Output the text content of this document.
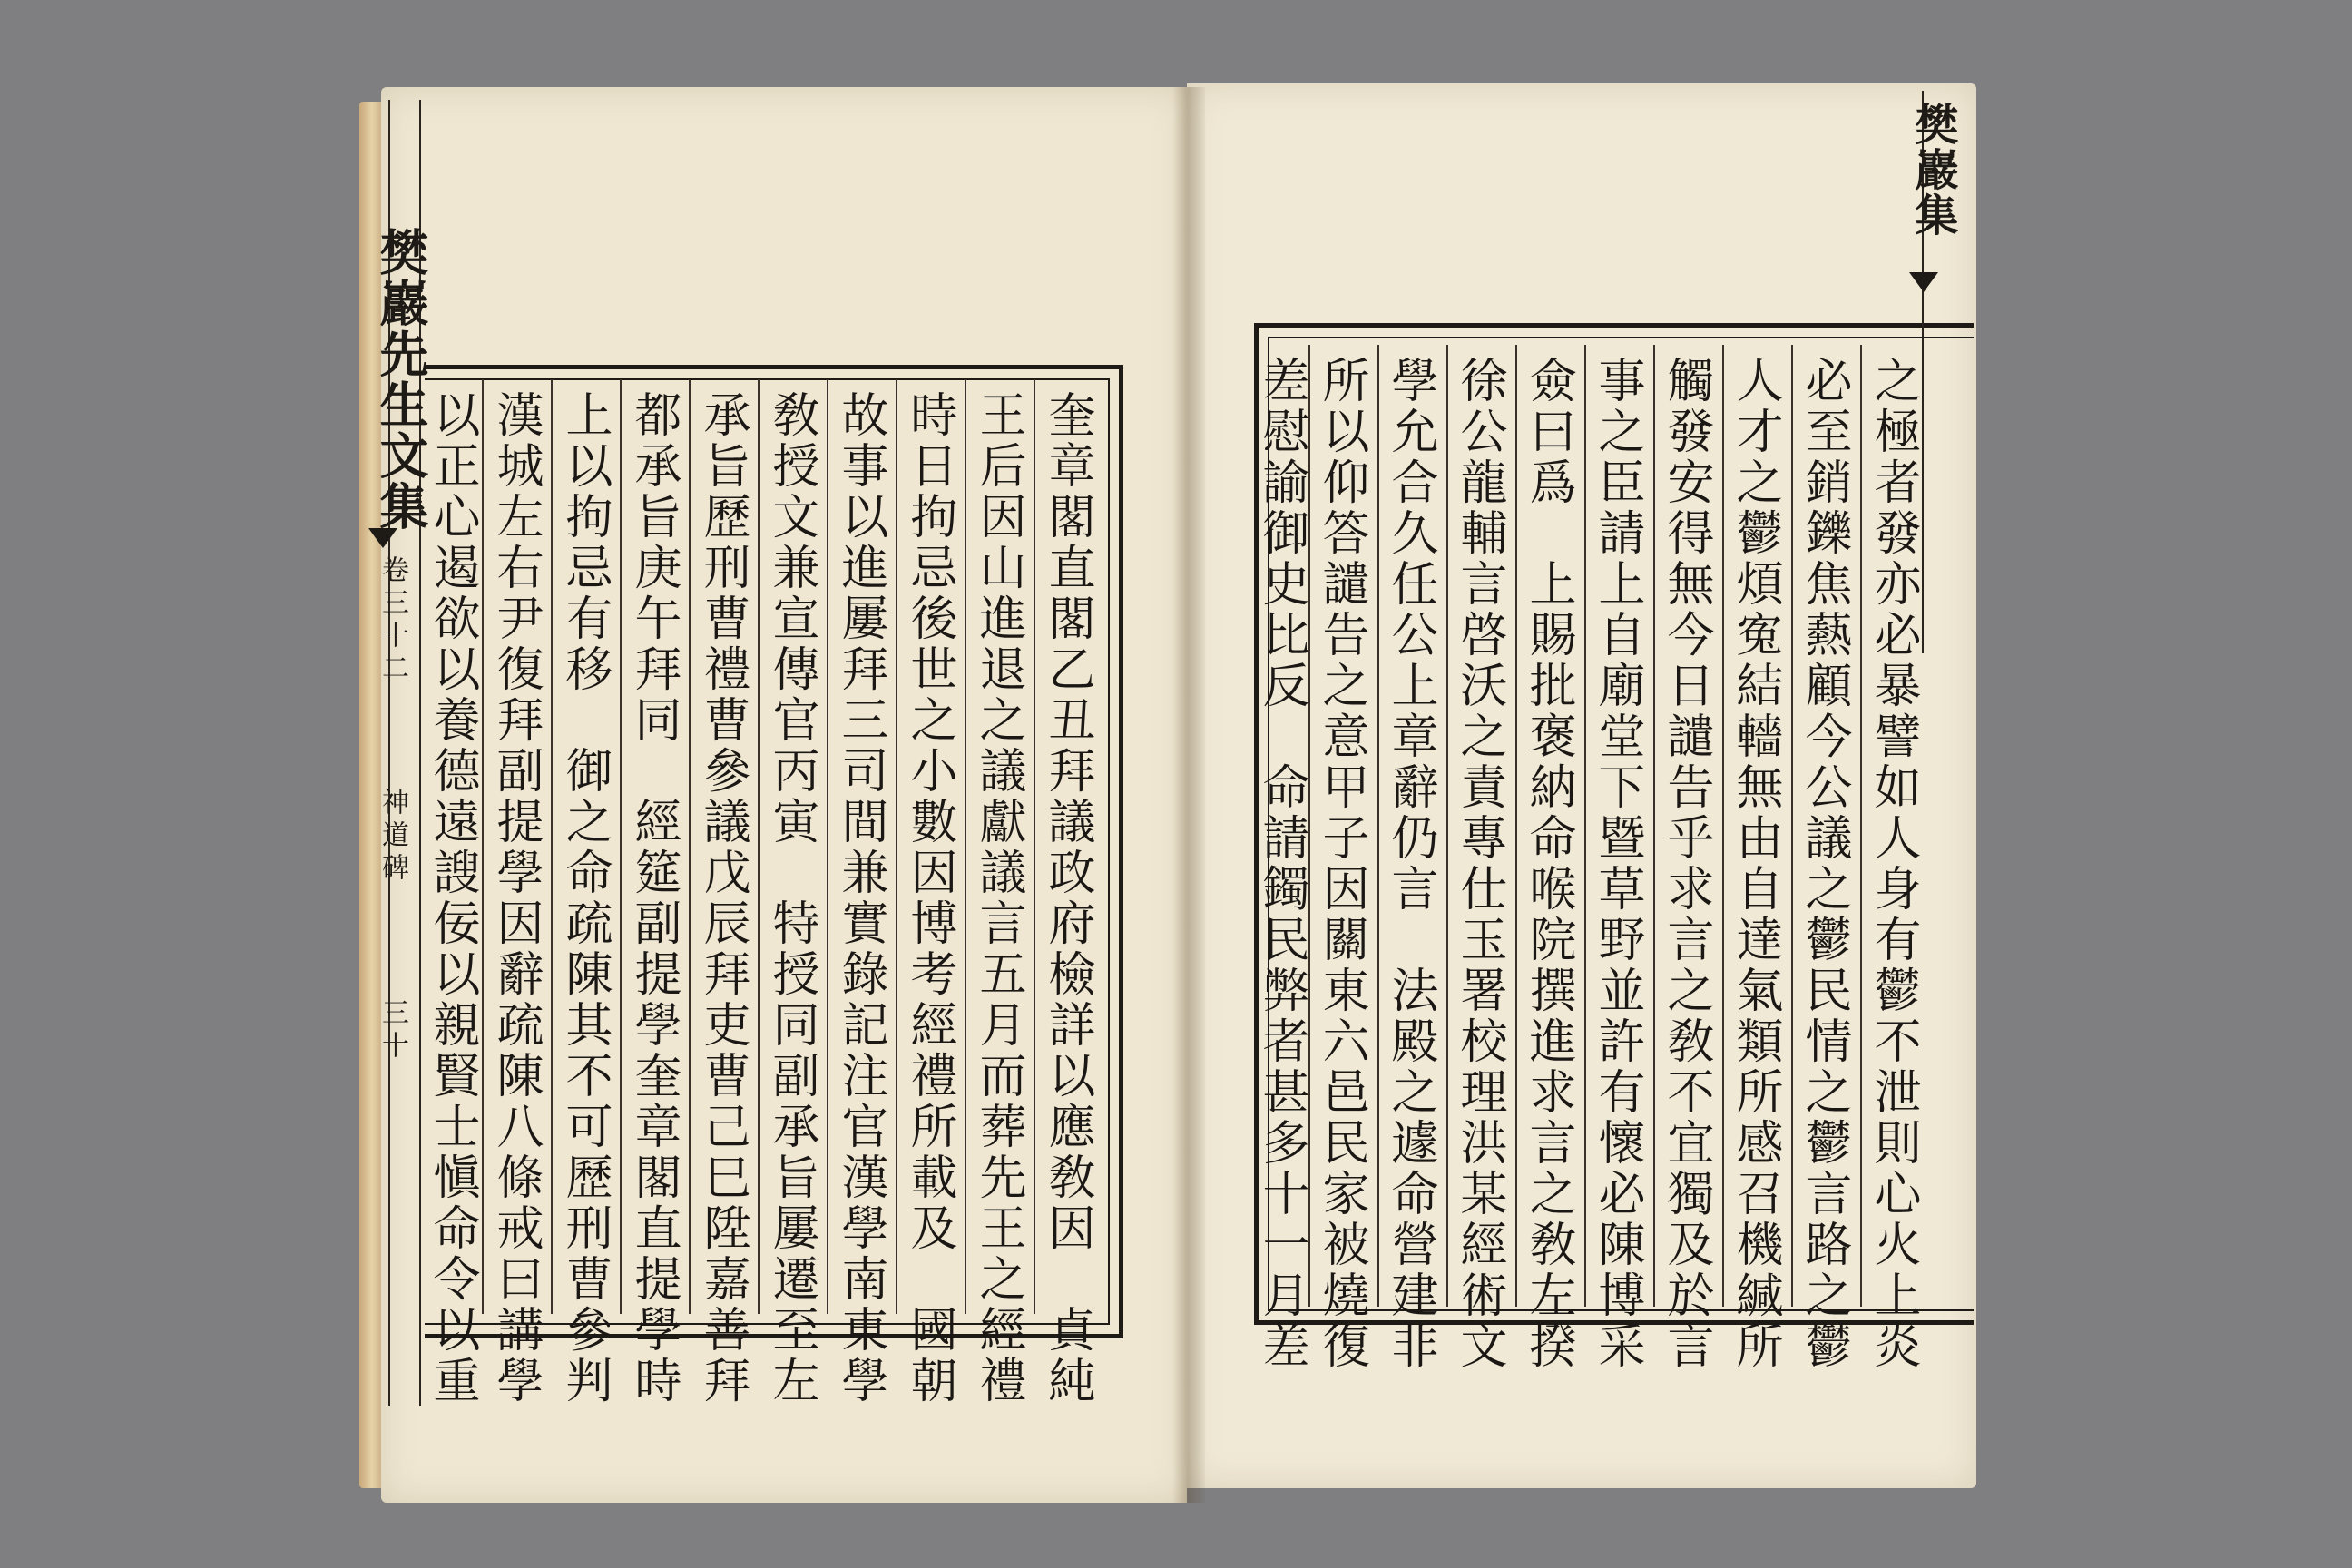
樊巖先生文集
卷三十二
神道碑
三十	奎章閣直閣乙丑拜議政府檢詳以應敎因　貞純
王后因山進退之議獻議言五月而葬先王之經禮
時日拘忌後世之小數因博考經禮所載及　國朝
故事以進屢拜三司間兼實錄記注官漢學南東學
敎授文兼宣傳官丙寅　特授同副承旨屢遷至左
承旨歷刑曹禮曹參議戊辰拜吏曹己巳陞嘉善拜
都承旨庚午拜同　經筵副提學奎章閣直提學時
上以拘忌有移　御之命疏陳其不可歷刑曹參判
漢城左右尹復拜副提學因辭疏陳八條戒曰講學
以正心遏欲以養德遠謏佞以親賢士愼命令以重
樊巖集
之極者發亦必暴譬如人身有鬱不泄則心火上炎
必至銷鑠焦爇顧今公議之鬱民情之鬱言路之鬱
人才之鬱煩寃結轖無由自達氣類所感召機緘所
觸發安得無今日譴告乎求言之敎不宜獨及於言
事之臣請上自廟堂下暨草野並許有懷必陳博采
僉曰爲　上賜批褒納命喉院撰進求言之敎左揆
徐公龍輔言啓沃之責專仕玉署校理洪某經術文
學允合久任公上章辭仍言　法殿之遽命營建非
所以仰答譴告之意甲子因關東六邑民家被燒復
差慰諭御史比反　命請鐲民弊者甚多十一月差
